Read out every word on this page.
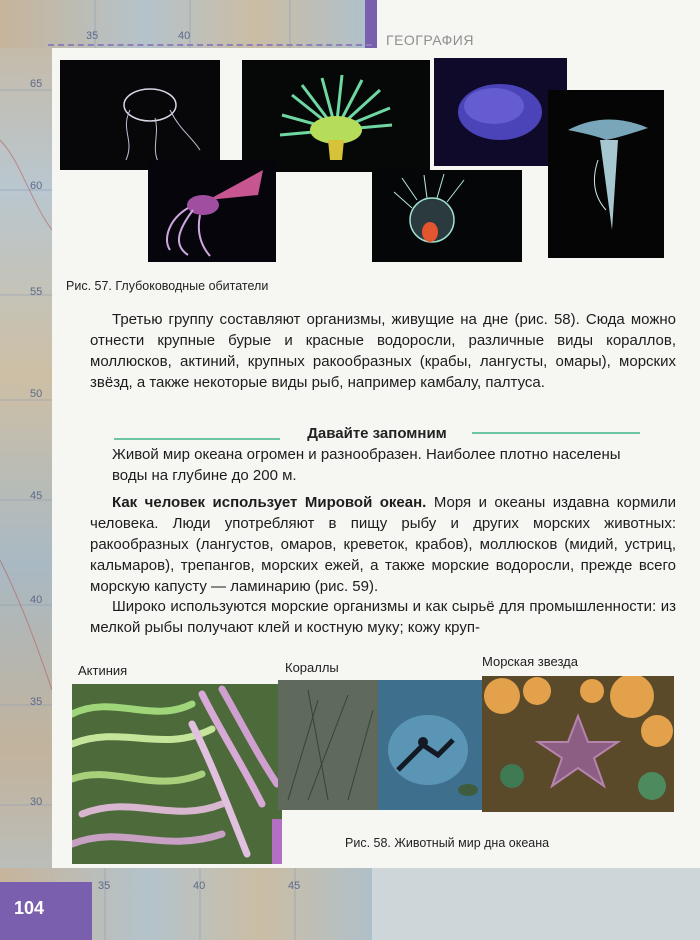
ГЕОГРАФИЯ
35	40
65
60
55
50
45
40
35
30
35	40	45
Рис. 57. Глубоководные обитатели

Третью группу составляют организмы, живущие на дне (рис. 58). Сюда можно отнести крупные бурые и красные водоросли, различные виды кораллов, моллюсков, актиний, крупных ракообразных (крабы, лангусты, омары), морских звёзд, а также некоторые виды рыб, например камбалу, палтуса.

Давайте запомним
Живой мир океана огромен и разнообразен. Наиболее плотно населены воды на глубине до 200 м.

Как человек использует Мировой океан. Моря и океаны издавна кормили человека. Люди употребляют в пищу рыбу и других морских животных: ракообразных (лангустов, омаров, креветок, крабов), моллюсков (мидий, устриц, кальмаров), трепангов, морских ежей, а также морские водоросли, прежде всего морскую капусту — ламинарию (рис. 59).

Широко используются морские организмы и как сырьё для промышленности: из мелкой рыбы получают клей и костную муку; кожу круп-

Актиния	Кораллы	Морская звезда
Рис. 58. Животный мир дна океана
104
